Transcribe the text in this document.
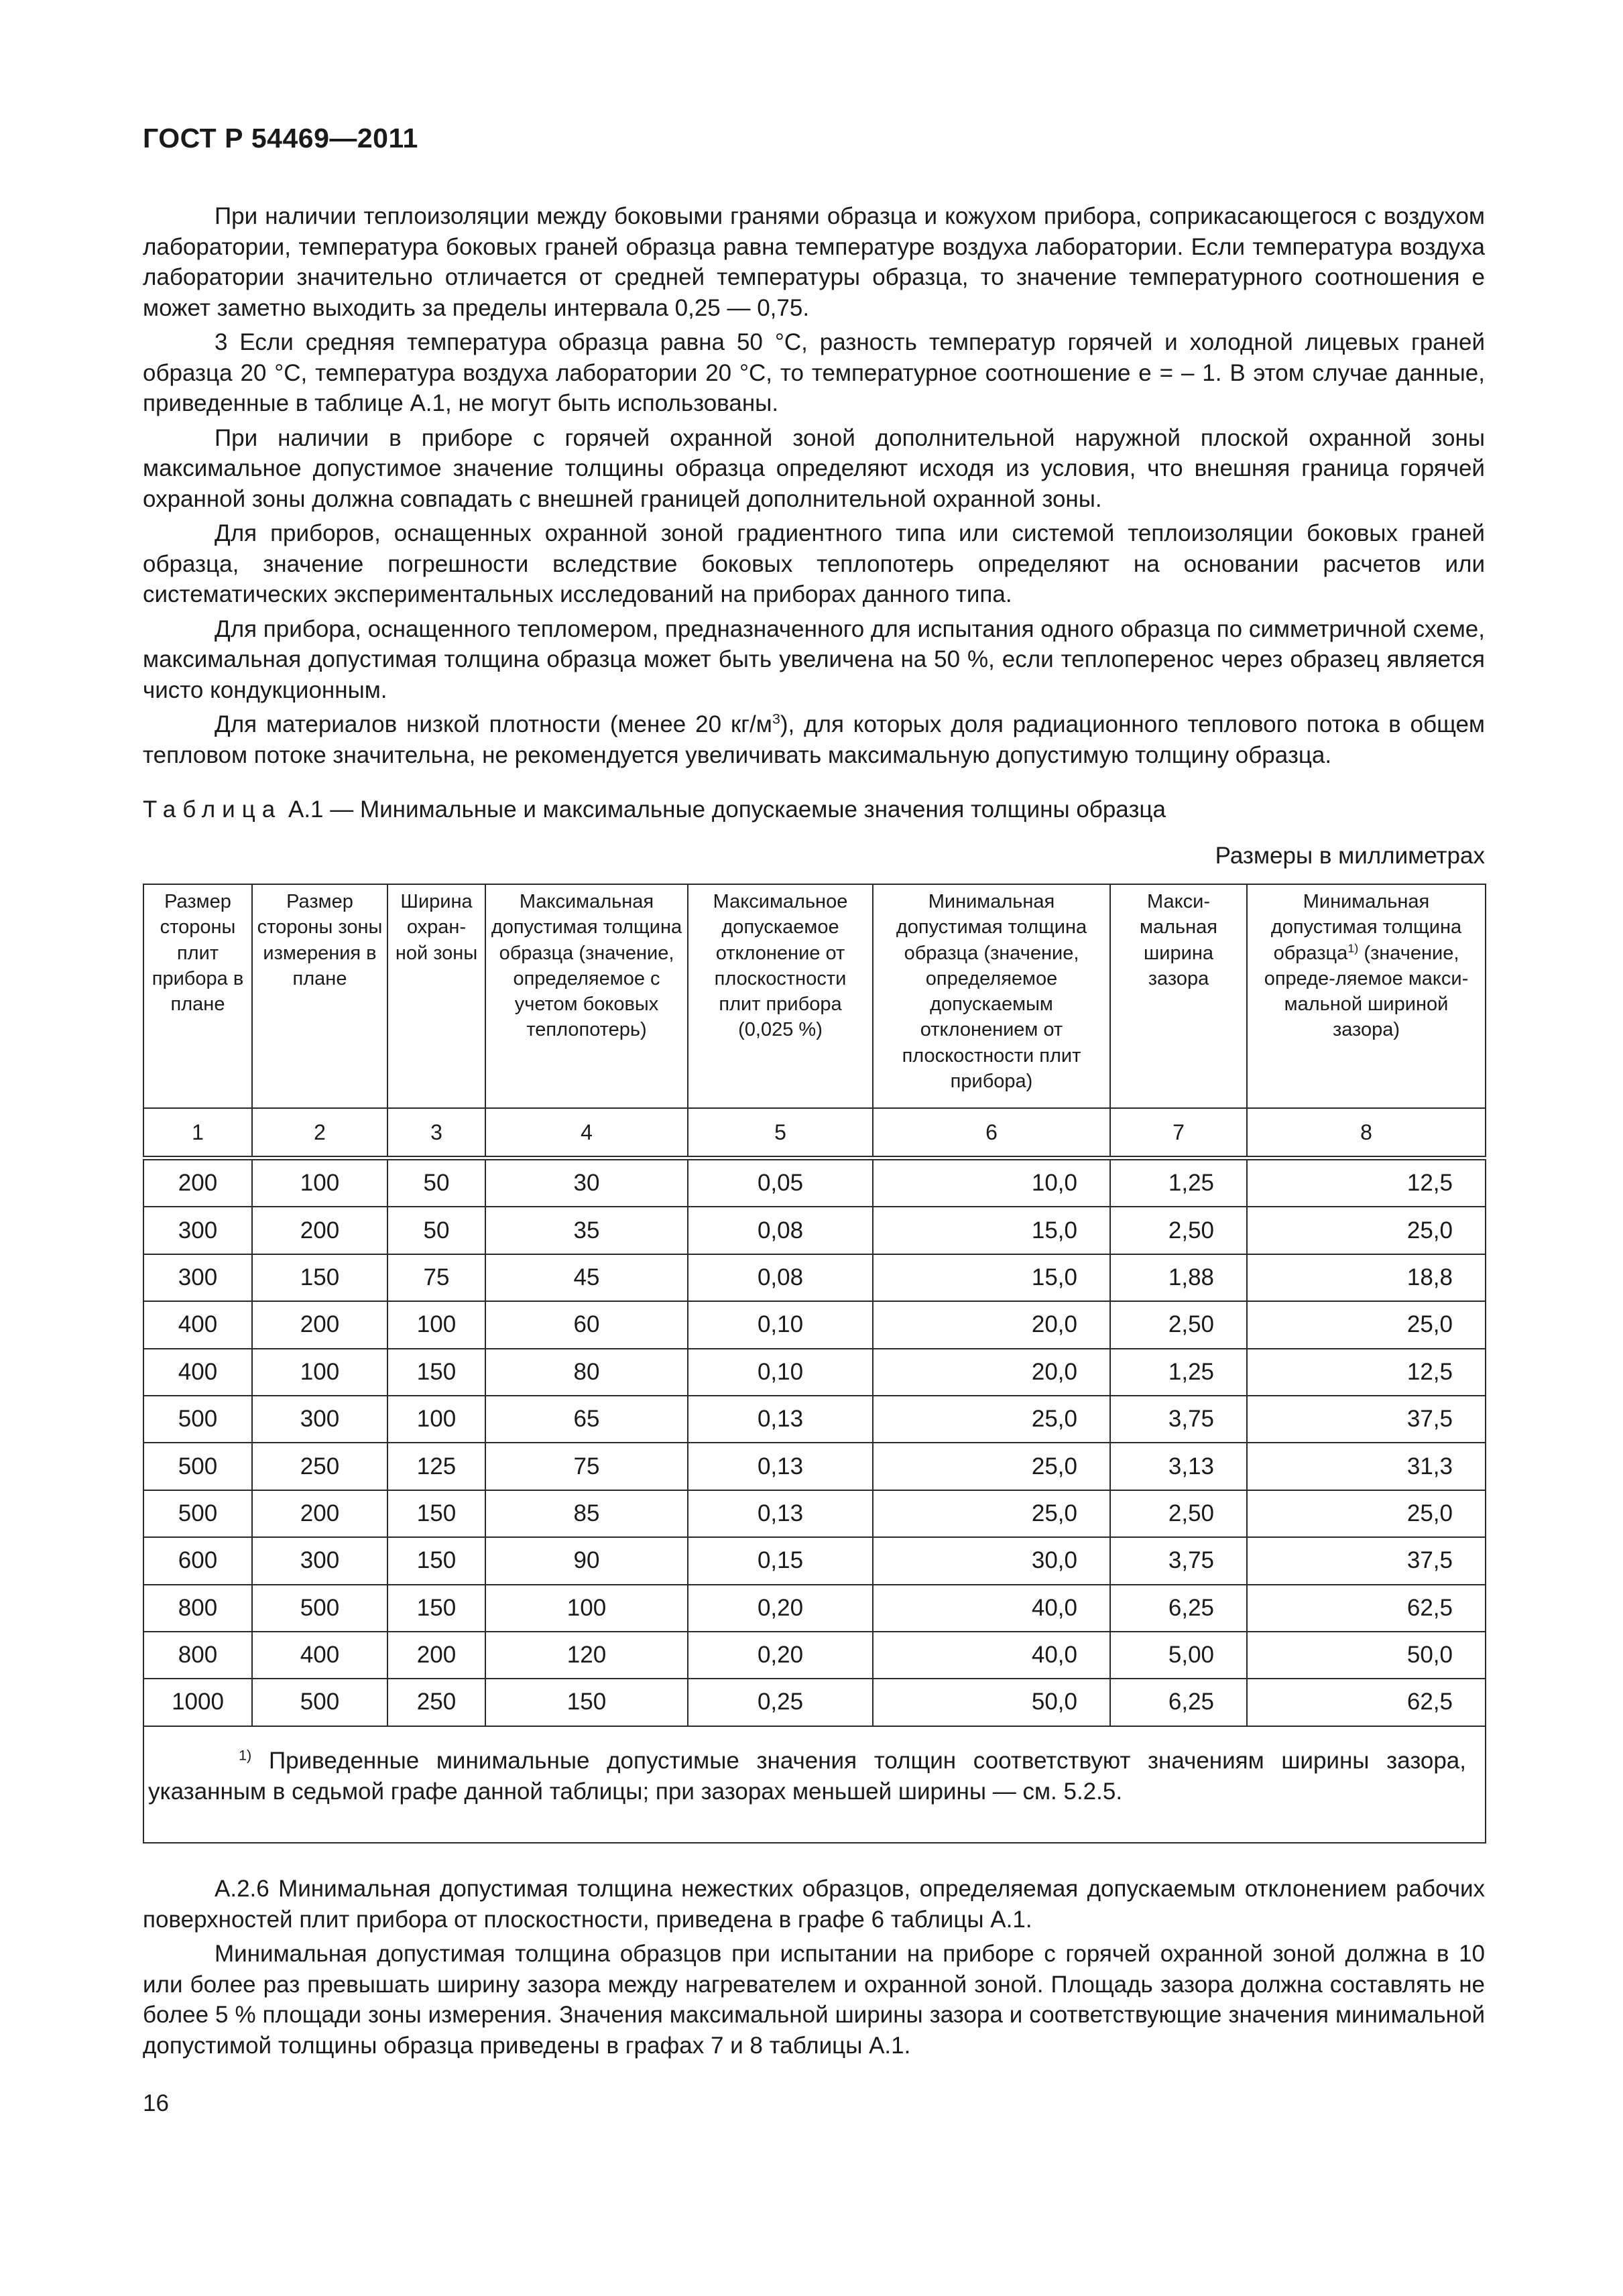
ГОСТ Р 54469—2011

При наличии теплоизоляции между боковыми гранями образца и кожухом прибора, соприкасающегося с воздухом лаборатории, температура боковых граней образца равна температуре воздуха лаборатории. Если температура воздуха лаборатории значительно отличается от средней температуры образца, то значение температурного соотношения e может заметно выходить за пределы интервала 0,25 — 0,75.

3 Если средняя температура образца равна 50 °С, разность температур горячей и холодной лицевых граней образца 20 °С, температура воздуха лаборатории 20 °С, то температурное соотношение e = – 1. В этом случае данные, приведенные в таблице А.1, не могут быть использованы.

При наличии в приборе с горячей охранной зоной дополнительной наружной плоской охранной зоны максимальное допустимое значение толщины образца определяют исходя из условия, что внешняя граница горячей охранной зоны должна совпадать с внешней границей дополнительной охранной зоны.

Для приборов, оснащенных охранной зоной градиентного типа или системой теплоизоляции боковых граней образца, значение погрешности вследствие боковых теплопотерь определяют на основании расчетов или систематических экспериментальных исследований на приборах данного типа.

Для прибора, оснащенного тепломером, предназначенного для испытания одного образца по симметричной схеме, максимальная допустимая толщина образца может быть увеличена на 50 %, если теплоперенос через образец является чисто кондукционным.

Для материалов низкой плотности (менее 20 $кг/м^3$), для которых доля радиационного теплового потока в общем тепловом потоке значительна, не рекомендуется увеличивать максимальную допустимую толщину образца.

Таблица А.1 — Минимальные и максимальные допускаемые значения толщины образца
Размеры в миллиметрах
Размер стороны плит прибора в плане	Размер стороны зоны измерения в плане	Ширина охран-ной зоны	Максимальная допустимая толщина образца (значение, определяемое с учетом боковых теплопотерь)	Максимальное допускаемое отклонение от плоскостности плит прибора (0,025 %)	Минимальная допустимая толщина образца (значение, определяемое допускаемым отклонением от плоскостности плит прибора)	Макси-мальная ширина зазора	Минимальная допустимая толщина образца$^{1)}$ (значение, опреде-ляемое макси-мальной шириной зазора)
1	2	3	4	5	6	7	8
200	100	50	30	0,05	10,0	1,25	12,5
300	200	50	35	0,08	15,0	2,50	25,0
300	150	75	45	0,08	15,0	1,88	18,8
400	200	100	60	0,10	20,0	2,50	25,0
400	100	150	80	0,10	20,0	1,25	12,5
500	300	100	65	0,13	25,0	3,75	37,5
500	250	125	75	0,13	25,0	3,13	31,3
500	200	150	85	0,13	25,0	2,50	25,0
600	300	150	90	0,15	30,0	3,75	37,5
800	500	150	100	0,20	40,0	6,25	62,5
800	400	200	120	0,20	40,0	5,00	50,0
1000	500	250	150	0,25	50,0	6,25	62,5

$^{1)}$ Приведенные минимальные допустимые значения толщин соответствуют значениям ширины зазора, указанным в седьмой графе данной таблицы; при зазорах меньшей ширины — см. 5.2.5.							

А.2.6 Минимальная допустимая толщина нежестких образцов, определяемая допускаемым отклонением рабочих поверхностей плит прибора от плоскостности, приведена в графе 6 таблицы А.1.

Минимальная допустимая толщина образцов при испытании на приборе с горячей охранной зоной должна в 10 или более раз превышать ширину зазора между нагревателем и охранной зоной. Площадь зазора должна составлять не более 5 % площади зоны измерения. Значения максимальной ширины зазора и соответствующие значения минимальной допустимой толщины образца приведены в графах 7 и 8 таблицы А.1.

16
